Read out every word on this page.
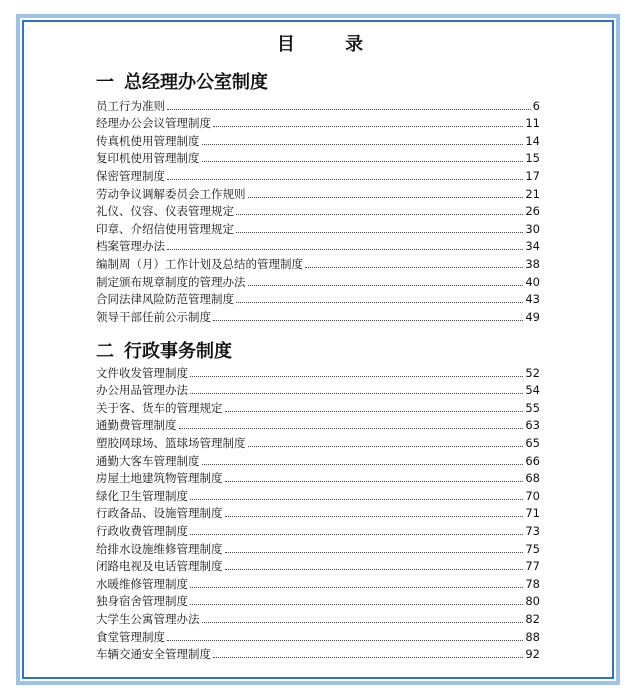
目 录
一 总经理办公室制度
员工行为准则	6
经理办公会议管理制度	11
传真机使用管理制度	14
复印机使用管理制度	15
保密管理制度	17
劳动争议调解委员会工作规则	21
礼仪、仪容、仪表管理规定	26
印章、介绍信使用管理规定	30
档案管理办法	34
编制周（月）工作计划及总结的管理制度	38
制定颁布规章制度的管理办法	40
合同法律风险防范管理制度	43
领导干部任前公示制度	49
二 行政事务制度
文件收发管理制度	52
办公用品管理办法	54
关于客、货车的管理规定	55
通勤费管理制度	63
塑胶网球场、篮球场管理制度	65
通勤大客车管理制度	66
房屋土地建筑物管理制度	68
绿化卫生管理制度	70
行政备品、设施管理制度	71
行政收费管理制度	73
给排水设施维修管理制度	75
闭路电视及电话管理制度	77
水暖维修管理制度	78
独身宿舍管理制度	80
大学生公寓管理办法	82
食堂管理制度	88
车辆交通安全管理制度	92
